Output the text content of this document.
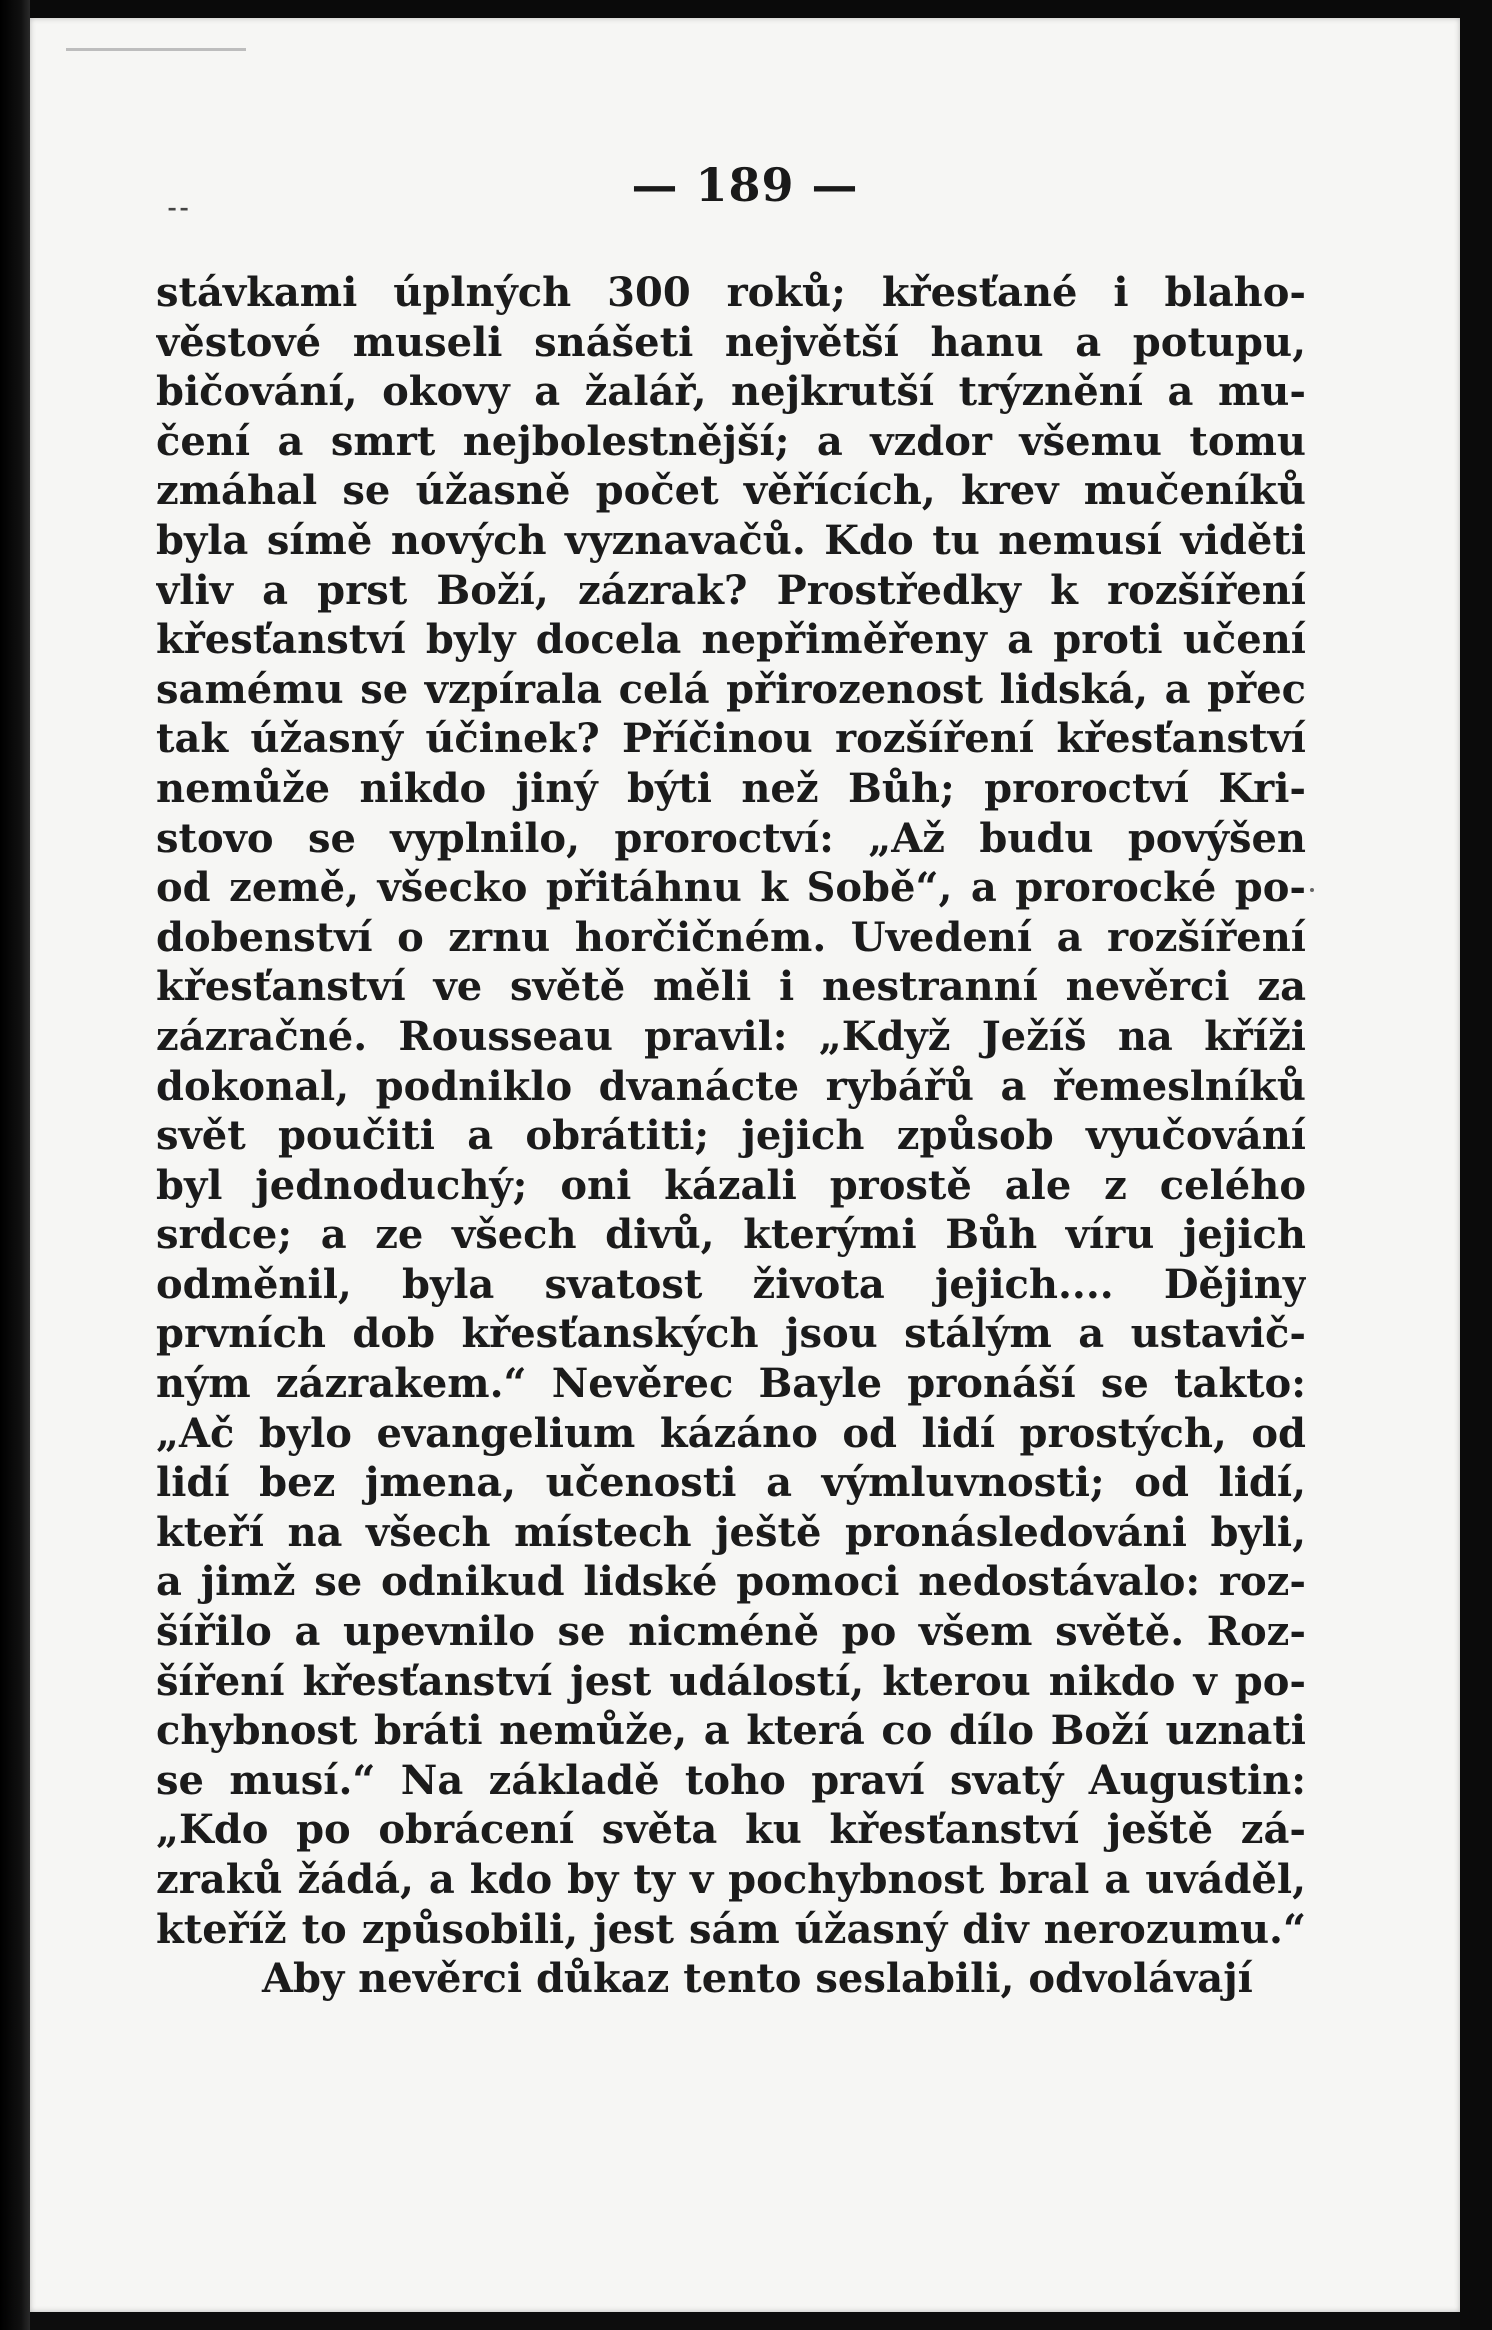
⁃⁃	— 189 —
stávkami úplných 300 roků; křesťané i blaho-
věstové museli snášeti největší hanu a potupu,
bičování, okovy a žalář, nejkrutší trýznění a mu-
čení a smrt nejbolestnější; a vzdor všemu tomu
zmáhal se úžasně počet věřících, krev mučeníků
byla símě nových vyznavačů. Kdo tu nemusí viděti
vliv a prst Boží, zázrak? Prostředky k rozšíření
křesťanství byly docela nepřiměřeny a proti učení
samému se vzpírala celá přirozenost lidská, a přec
tak úžasný účinek? Příčinou rozšíření křesťanství
nemůže nikdo jiný býti než Bůh; proroctví Kri-
stovo se vyplnilo, proroctví: „Až budu povýšen
od země, všecko přitáhnu k Sobě“, a prorocké po-
dobenství o zrnu horčičném. Uvedení a rozšíření
křesťanství ve světě měli i nestranní nevěrci za
zázračné. Rousseau pravil: „Když Ježíš na kříži
dokonal, podniklo dvanácte rybářů a řemeslníků
svět poučiti a obrátiti; jejich způsob vyučování
byl jednoduchý; oni kázali prostě ale z celého
srdce; a ze všech divů, kterými Bůh víru jejich
odměnil, byla svatost života jejich.... Dějiny
prvních dob křesťanských jsou stálým a ustavič-
ným zázrakem.“ Nevěrec Bayle pronáší se takto:
„Ač bylo evangelium kázáno od lidí prostých, od
lidí bez jmena, učenosti a výmluvnosti; od lidí,
kteří na všech místech ještě pronásledováni byli,
a jimž se odnikud lidské pomoci nedostávalo: roz-
šířilo a upevnilo se nicméně po všem světě. Roz-
šíření křesťanství jest událostí, kterou nikdo v po-
chybnost bráti nemůže, a která co dílo Boží uznati
se musí.“ Na základě toho praví svatý Augustin:
„Kdo po obrácení světa ku křesťanství ještě zá-
zraků žádá, a kdo by ty v pochybnost bral a uváděl,
kteříž to způsobili, jest sám úžasný div nerozumu.“
Aby nevěrci důkaz tento seslabili, odvolávají
